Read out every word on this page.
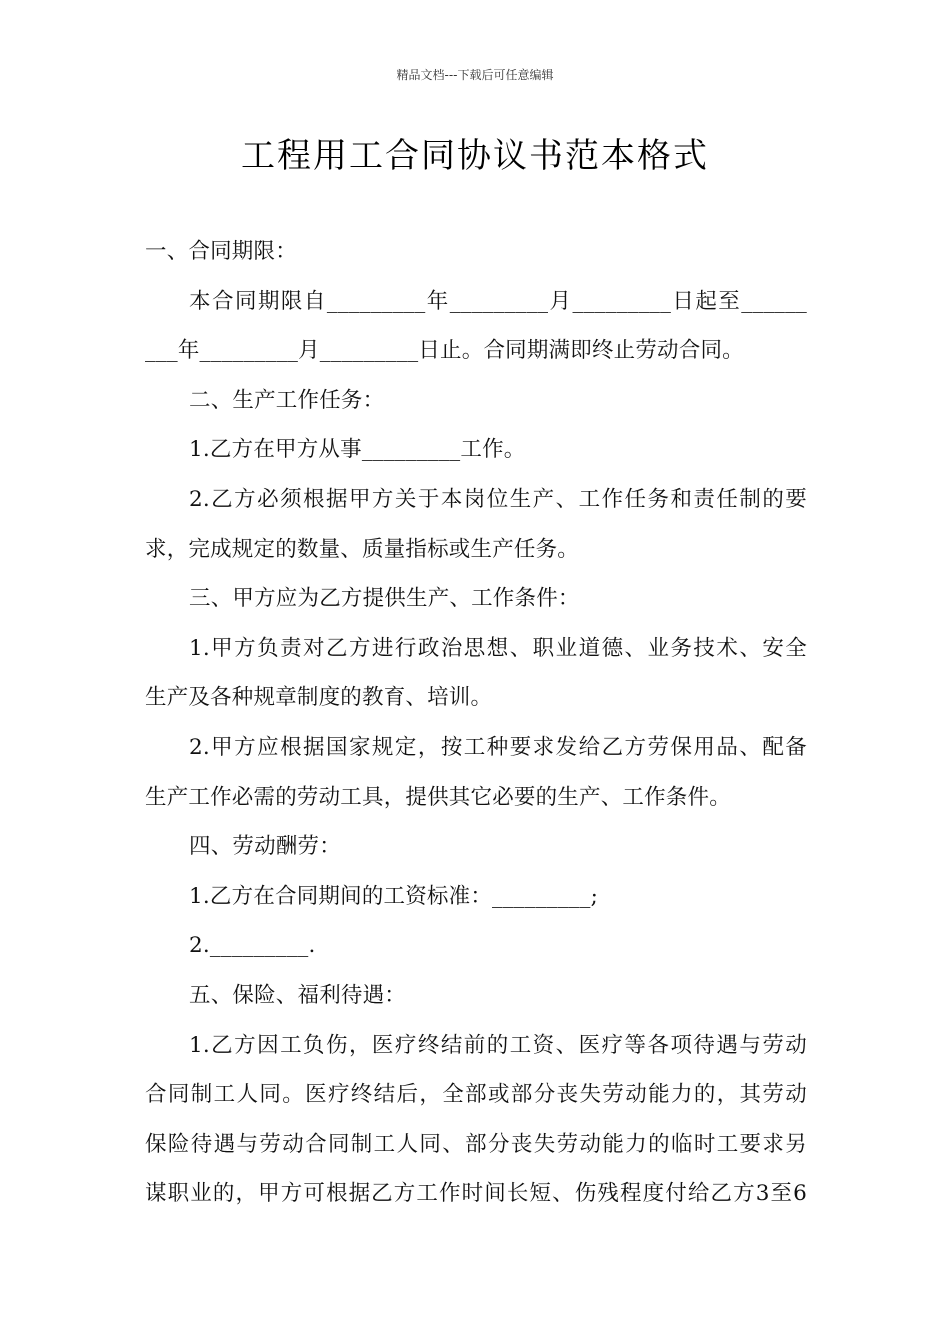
精品文档---下载后可任意编辑
工程用工合同协议书范本格式
一、合同期限：
本合同期限自_________年_________月_________日起至______
___年_________月_________日止。合同期满即终止劳动合同。
二、生产工作任务：
1.乙方在甲方从事_________工作。
2.乙方必须根据甲方关于本岗位生产、工作任务和责任制的要
求，完成规定的数量、质量指标或生产任务。
三、甲方应为乙方提供生产、工作条件：
1.甲方负责对乙方进行政治思想、职业道德、业务技术、安全
生产及各种规章制度的教育、培训。
2.甲方应根据国家规定，按工种要求发给乙方劳保用品、配备
生产工作必需的劳动工具，提供其它必要的生产、工作条件。
四、劳动酬劳：
1.乙方在合同期间的工资标准：_________;
2._________.
五、保险、福利待遇：
1.乙方因工负伤，医疗终结前的工资、医疗等各项待遇与劳动
合同制工人同。医疗终结后，全部或部分丧失劳动能力的，其劳动
保险待遇与劳动合同制工人同、部分丧失劳动能力的临时工要求另
谋职业的，甲方可根据乙方工作时间长短、伤残程度付给乙方3至6
